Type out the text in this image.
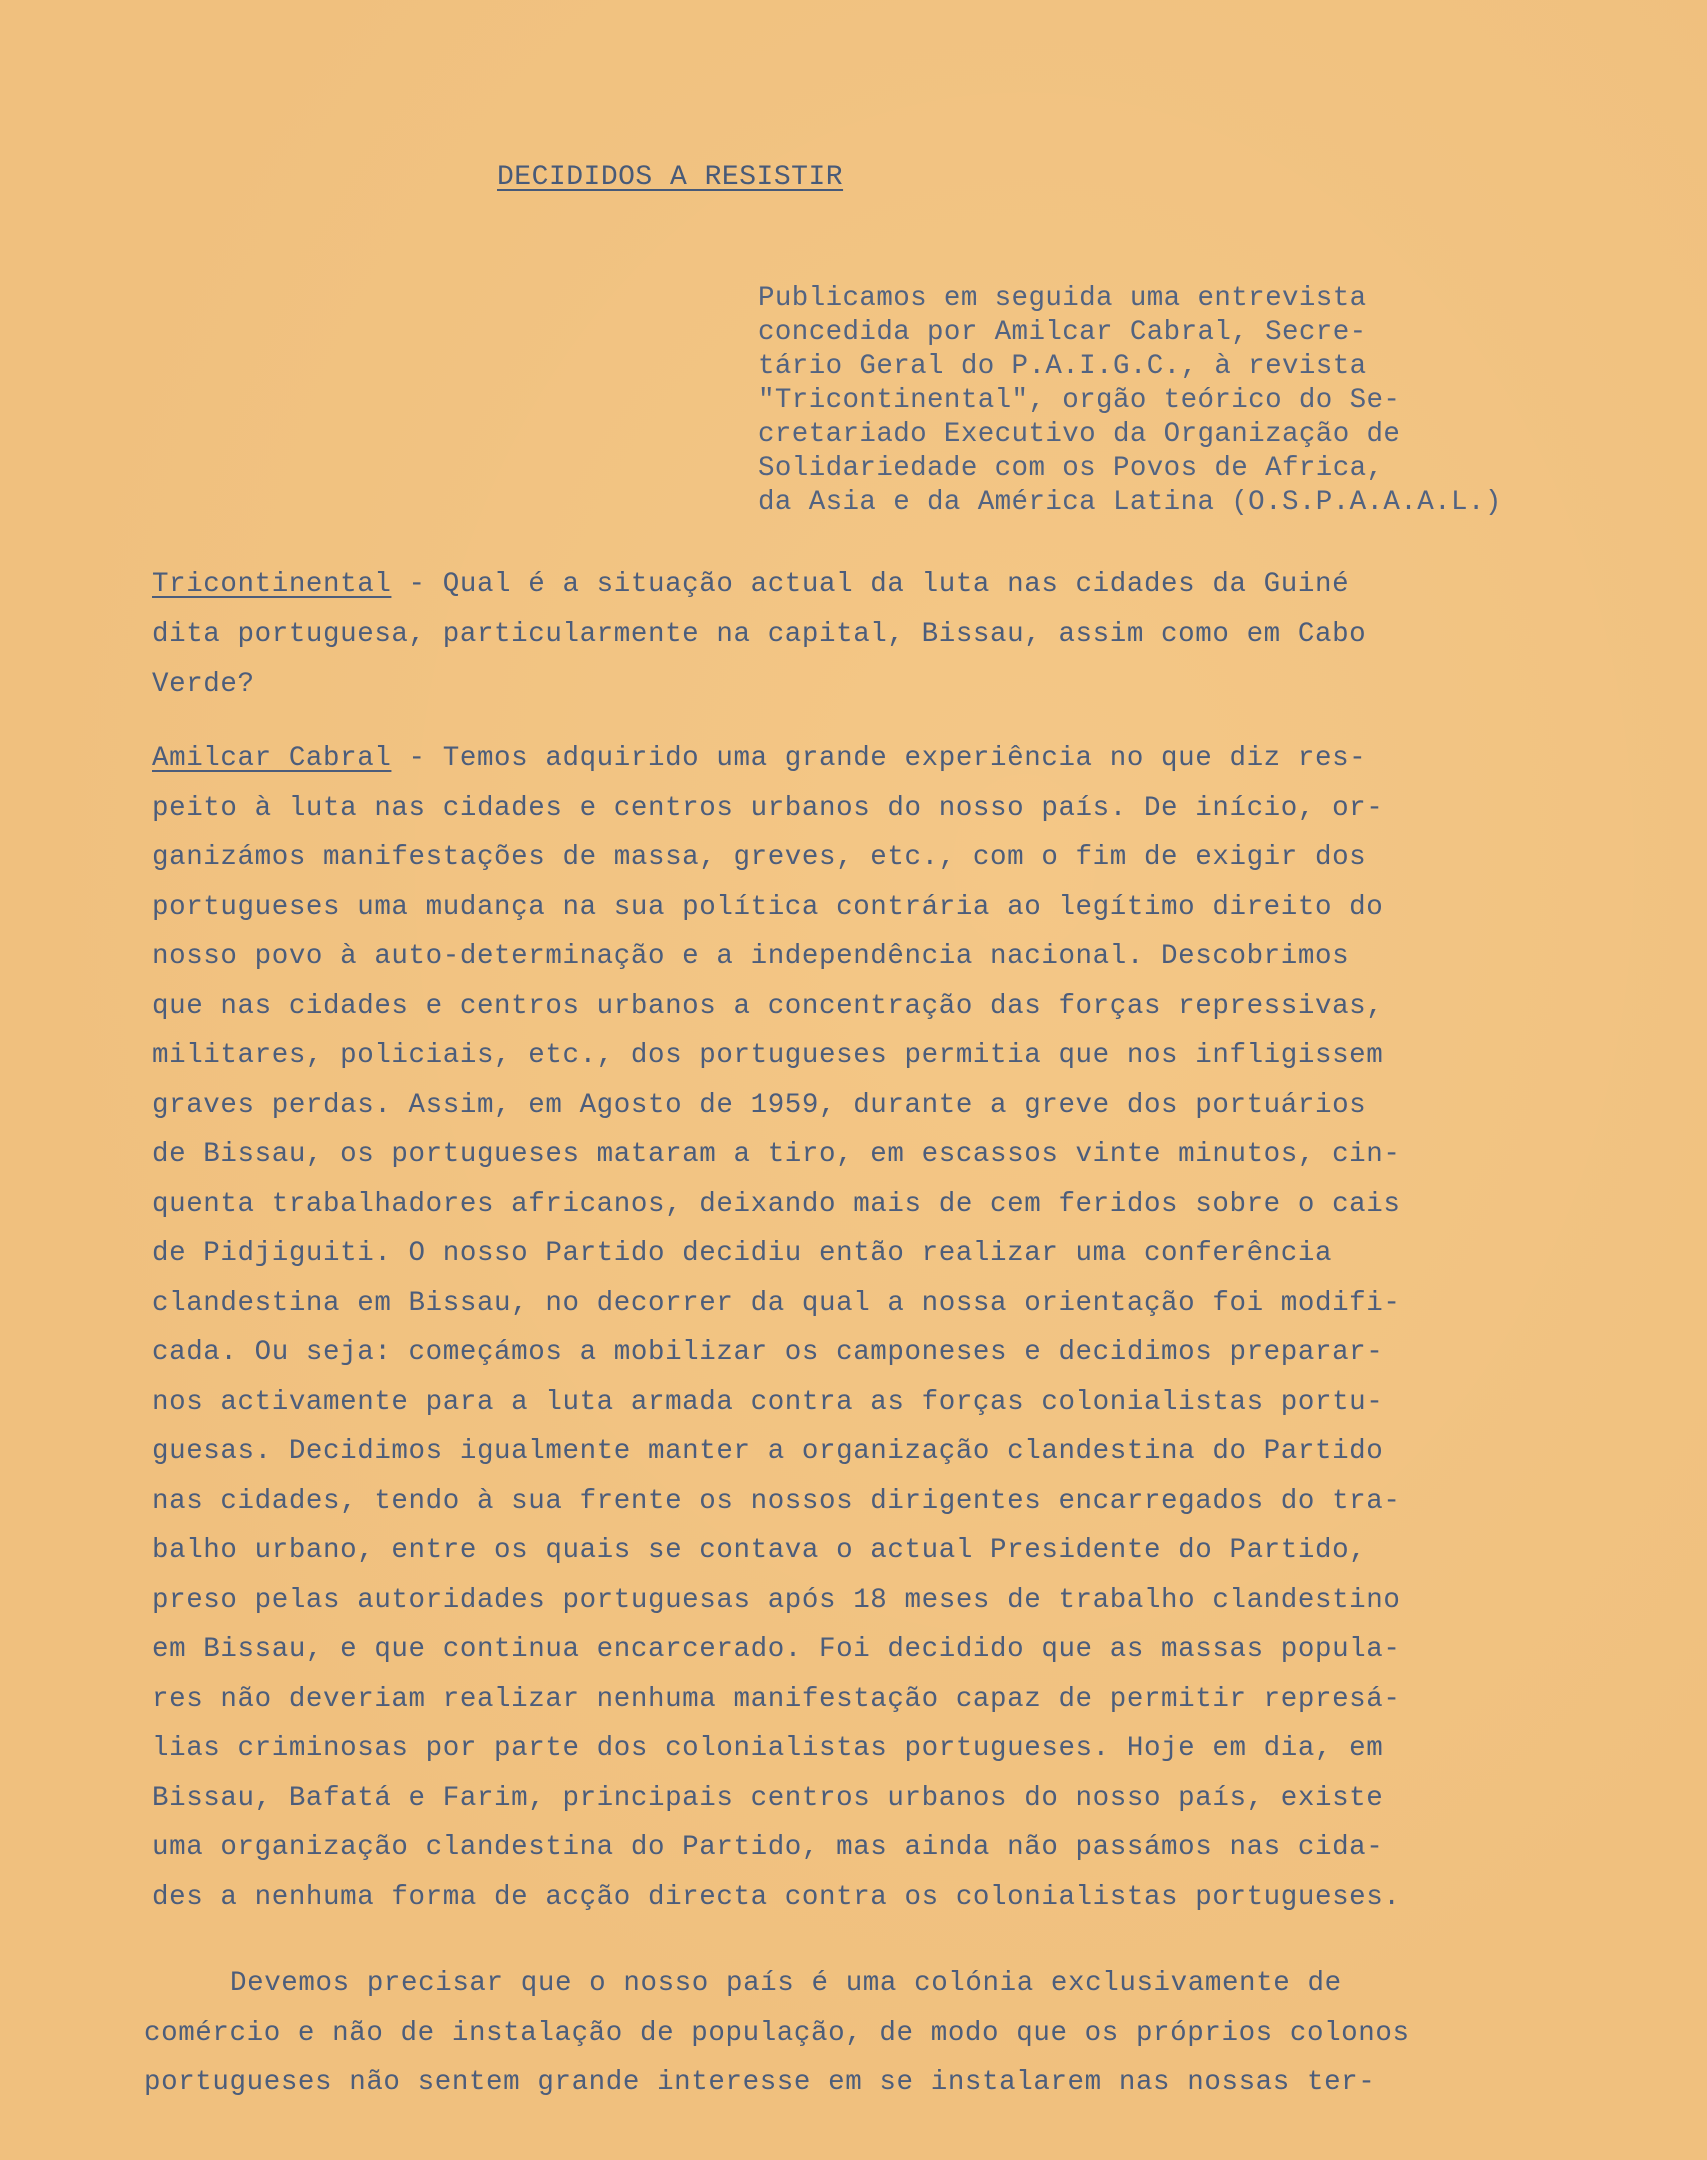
DECIDIDOS A RESISTIR
Publicamos em seguida uma entrevista
concedida por Amilcar Cabral, Secre-
tário Geral do P.A.I.G.C., à revista
"Tricontinental", orgão teórico do Se-
cretariado Executivo da Organização de
Solidariedade com os Povos de Africa,
da Asia e da América Latina (O.S.P.A.A.A.L.)
Tricontinental - Qual é a situação actual da luta nas cidades da Guiné
dita portuguesa, particularmente na capital, Bissau, assim como em Cabo
Verde?
Amilcar Cabral - Temos adquirido uma grande experiência no que diz res-
peito à luta nas cidades e centros urbanos do nosso país. De início, or-
ganizámos manifestações de massa, greves, etc., com o fim de exigir dos
portugueses uma mudança na sua política contrária ao legítimo direito do
nosso povo à auto-determinação e a independência nacional. Descobrimos
que nas cidades e centros urbanos a concentração das forças repressivas,
militares, policiais, etc., dos portugueses permitia que nos infligissem
graves perdas. Assim, em Agosto de 1959, durante a greve dos portuários
de Bissau, os portugueses mataram a tiro, em escassos vinte minutos, cin-
quenta trabalhadores africanos, deixando mais de cem feridos sobre o cais
de Pidjiguiti. O nosso Partido decidiu então realizar uma conferência
clandestina em Bissau, no decorrer da qual a nossa orientação foi modifi-
cada. Ou seja: começámos a mobilizar os camponeses e decidimos preparar-
nos activamente para a luta armada contra as forças colonialistas portu-
guesas. Decidimos igualmente manter a organização clandestina do Partido
nas cidades, tendo à sua frente os nossos dirigentes encarregados do tra-
balho urbano, entre os quais se contava o actual Presidente do Partido,
preso pelas autoridades portuguesas após 18 meses de trabalho clandestino
em Bissau, e que continua encarcerado. Foi decidido que as massas popula-
res não deveriam realizar nenhuma manifestação capaz de permitir represá-
lias criminosas por parte dos colonialistas portugueses. Hoje em dia, em
Bissau, Bafatá e Farim, principais centros urbanos do nosso país, existe
uma organização clandestina do Partido, mas ainda não passámos nas cida-
des a nenhuma forma de acção directa contra os colonialistas portugueses.
Devemos precisar que o nosso país é uma colónia exclusivamente de
comércio e não de instalação de população, de modo que os próprios colonos
portugueses não sentem grande interesse em se instalarem nas nossas ter-
